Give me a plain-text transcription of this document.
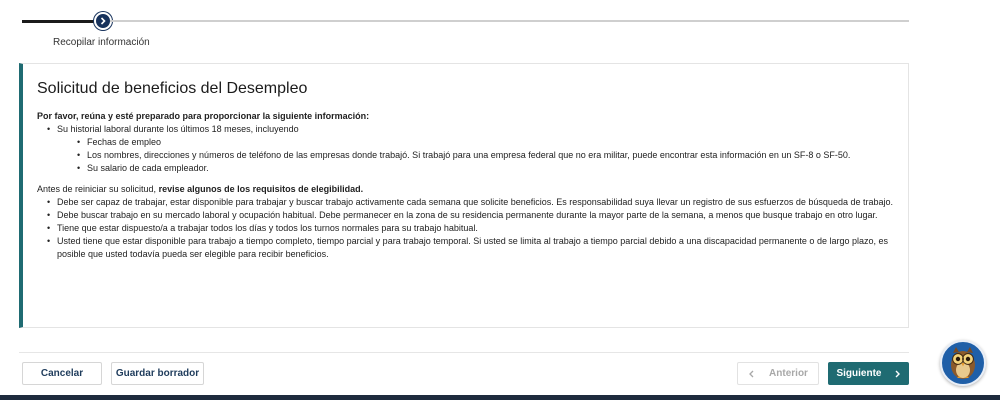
Recopilar información
Solicitud de beneficios del Desempleo
Por favor, reúna y esté preparado para proporcionar la siguiente información:
• Su historial laboral durante los últimos 18 meses, incluyendo
• Fechas de empleo
• Los nombres, direcciones y números de teléfono de las empresas donde trabajó. Si trabajó para una empresa federal que no era militar, puede encontrar esta información en un SF-8 o SF-50.
• Su salario de cada empleador.
Antes de reiniciar su solicitud, revise algunos de los requisitos de elegibilidad.
• Debe ser capaz de trabajar, estar disponible para trabajar y buscar trabajo activamente cada semana que solicite beneficios. Es responsabilidad suya llevar un registro de sus esfuerzos de búsqueda de trabajo.
• Debe buscar trabajo en su mercado laboral y ocupación habitual. Debe permanecer en la zona de su residencia permanente durante la mayor parte de la semana, a menos que busque trabajo en otro lugar.
• Tiene que estar dispuesto/a a trabajar todos los días y todos los turnos normales para su trabajo habitual.
• Usted tiene que estar disponible para trabajo a tiempo completo, tiempo parcial y para trabajo temporal. Si usted se limita al trabajo a tiempo parcial debido a una discapacidad permanente o de largo plazo, es posible que usted todavía pueda ser elegible para recibir beneficios.
Cancelar	Guardar borrador	Anterior	Siguiente
